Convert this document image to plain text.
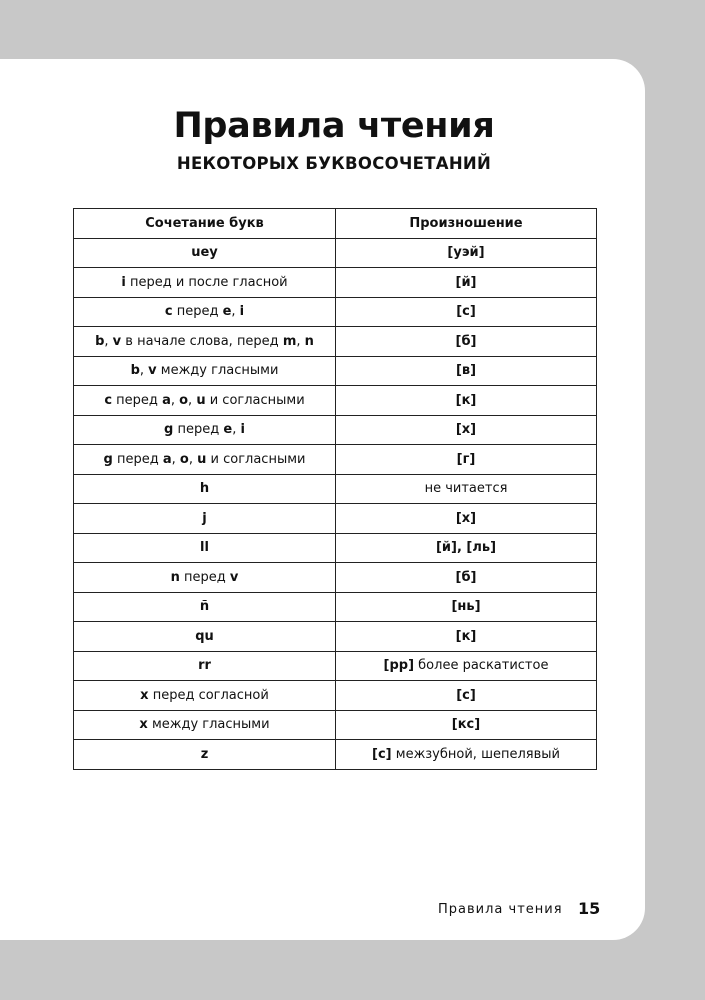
Правила чтения
НЕКОТОРЫХ БУКВОСОЧЕТАНИЙ
Сочетание букв	Произношение
uey	[уэй]
i перед и после гласной	[й]
c перед e, i	[с]
b, v в начале слова, перед m, n	[б]
b, v между гласными	[в]
c перед a, o, u и согласными	[к]
g перед e, i	[х]
g перед a, o, u и согласными	[г]
h	не читается
j	[х]
ll	[й], [ль]
n перед v	[б]
ñ	[нь]
qu	[к]
rr	[рр] более раскатистое
x перед согласной	[с]
x между гласными	[кс]
z	[с] межзубной, шепелявый
Правила чтения 15
